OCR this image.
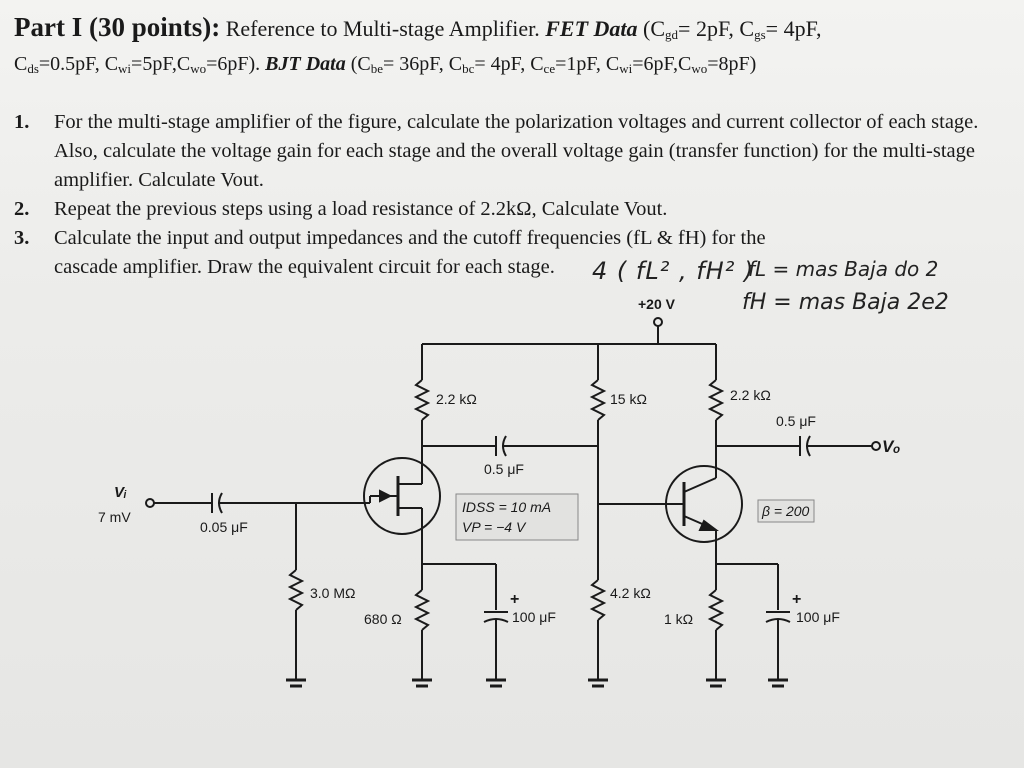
Part I (30 points): Reference to Multi-stage Amplifier. FET Data ($C_{gd}= 2pF$, $C_{gs}= 4pF$,
$C_{ds}=0.5pF$, $C_{wi}=5pF,C_{wo}=6pF$). BJT Data ($C_{be}= 36pF$, $C_{bc}= 4pF$, $C_{ce}=1pF$, $C_{wi}=6pF,C_{wo}=8pF$)
1.	For the multi-stage amplifier of the figure, calculate the polarization voltages and current collector of each stage. Also, calculate the voltage gain for each stage and the overall voltage gain (transfer function) for the multi-stage amplifier. Calculate Vout.
2.	Repeat the previous steps using a load resistance of 2.2kΩ, Calculate Vout.
3.	Calculate the input and output impedances and the cutoff frequencies (fL & fH) for the cascade amplifier. Draw the equivalent circuit for each stage.	4 ( fL² , fH² )
fL = mas Baja do 2
fH = mas Baja 2e2
+20 V
2.2 kΩ	15 kΩ	2.2 kΩ
0.5 μF
Vₒ
0.5 μF
IDSS = 10 mA
VP = −4 V
Vᵢ
7 mV
0.05 μF
3.0 MΩ
680 Ω
+
100 μF
4.2 kΩ
β = 200
1 kΩ
+
100 μF
